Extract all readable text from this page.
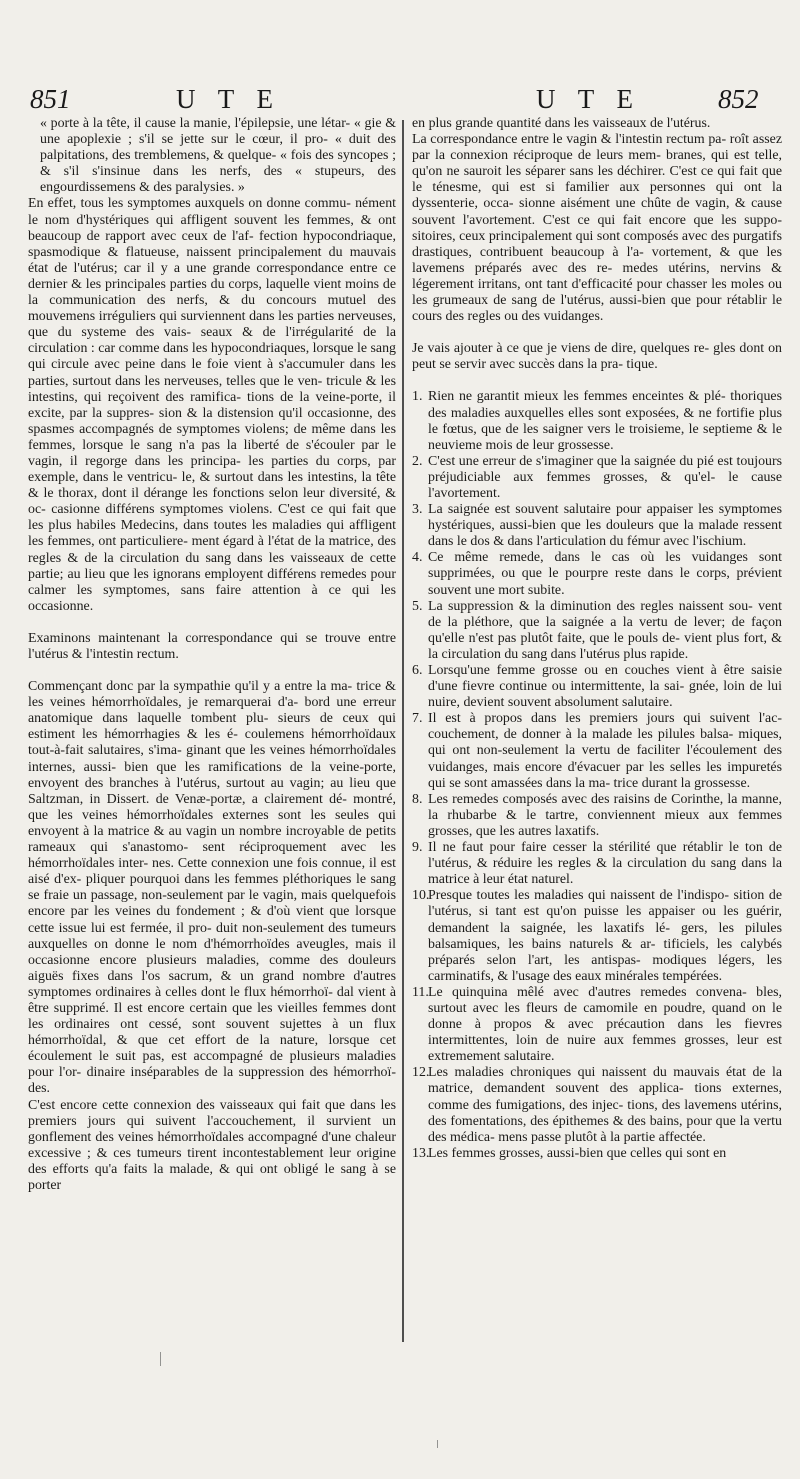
851	U T E	U T E	852

« porte à la tête, il cause la manie, l'épilepsie, une létar- « gie & une apoplexie ; s'il se jette sur le cœur, il pro- « duit des palpitations, des tremblemens, & quelque- « fois des syncopes ; & s'il s'insinue dans les nerfs, des « stupeurs, des engourdissemens & des paralysies. »

En effet, tous les symptomes auxquels on donne commu- nément le nom d'hystériques qui affligent souvent les femmes, & ont beaucoup de rapport avec ceux de l'af- fection hypocondriaque, spasmodique & flatueuse, naissent principalement du mauvais état de l'utérus; car il y a une grande correspondance entre ce dernier & les principales parties du corps, laquelle vient moins de la communication des nerfs, & du concours mutuel des mouvemens irréguliers qui surviennent dans les parties nerveuses, que du systeme des vais- seaux & de l'irrégularité de la circulation : car comme dans les hypocondriaques, lorsque le sang qui circule avec peine dans le foie vient à s'accumuler dans les parties, surtout dans les nerveuses, telles que le ven- tricule & les intestins, qui reçoivent des ramifica- tions de la veine-porte, il excite, par la suppres- sion & la distension qu'il occasionne, des spasmes accompagnés de symptomes violens; de même dans les femmes, lorsque le sang n'a pas la liberté de s'écouler par le vagin, il regorge dans les principa- les parties du corps, par exemple, dans le ventricu- le, & surtout dans les intestins, la tête & le thorax, dont il dérange les fonctions selon leur diversité, & oc- casionne différens symptomes violens. C'est ce qui fait que les plus habiles Medecins, dans toutes les maladies qui affligent les femmes, ont particuliere- ment égard à l'état de la matrice, des regles & de la circulation du sang dans les vaisseaux de cette partie; au lieu que les ignorans employent différens remedes pour calmer les symptomes, sans faire attention à ce qui les occasionne.

Examinons maintenant la correspondance qui se trouve entre l'utérus & l'intestin rectum.

Commençant donc par la sympathie qu'il y a entre la ma- trice & les veines hémorrhoïdales, je remarquerai d'a- bord une erreur anatomique dans laquelle tombent plu- sieurs de ceux qui estiment les hémorrhagies & les é- coulemens hémorrhoïdaux tout-à-fait salutaires, s'ima- ginant que les veines hémorrhoïdales internes, aussi- bien que les ramifications de la veine-porte, envoyent des branches à l'utérus, surtout au vagin; au lieu que Saltzman, in Dissert. de Venæ-portæ, a clairement dé- montré, que les veines hémorrhoïdales externes sont les seules qui envoyent à la matrice & au vagin un nombre incroyable de petits rameaux qui s'anastomo- sent réciproquement avec les hémorrhoïdales inter- nes. Cette connexion une fois connue, il est aisé d'ex- pliquer pourquoi dans les femmes pléthoriques le sang se fraie un passage, non-seulement par le vagin, mais quelquefois encore par les veines du fondement ; & d'où vient que lorsque cette issue lui est fermée, il pro- duit non-seulement des tumeurs auxquelles on donne le nom d'hémorrhoïdes aveugles, mais il occasionne encore plusieurs maladies, comme des douleurs aiguës fixes dans l'os sacrum, & un grand nombre d'autres symptomes ordinaires à celles dont le flux hémorrhoï- dal vient à être supprimé. Il est encore certain que les vieilles femmes dont les ordinaires ont cessé, sont souvent sujettes à un flux hémorrhoïdal, & que cet effort de la nature, lorsque cet écoulement le suit pas, est accompagné de plusieurs maladies pour l'or- dinaire inséparables de la suppression des hémorrhoï- des.

C'est encore cette connexion des vaisseaux qui fait que dans les premiers jours qui suivent l'accouchement, il survient un gonflement des veines hémorrhoïdales accompagné d'une chaleur excessive ; & ces tumeurs tirent incontestablement leur origine des efforts qu'a faits la malade, & qui ont obligé le sang à se porter

en plus grande quantité dans les vaisseaux de l'utérus.

La correspondance entre le vagin & l'intestin rectum pa- roît assez par la connexion réciproque de leurs mem- branes, qui est telle, qu'on ne sauroit les séparer sans les déchirer. C'est ce qui fait que le ténesme, qui est si familier aux personnes qui ont la dyssenterie, occa- sionne aisément une chûte de vagin, & cause souvent l'avortement. C'est ce qui fait encore que les suppo- sitoires, ceux principalement qui sont composés avec des purgatifs drastiques, contribuent beaucoup à l'a- vortement, & que les lavemens préparés avec des re- medes utérins, nervins & légerement irritans, ont tant d'efficacité pour chasser les moles ou les grumeaux de sang de l'utérus, aussi-bien que pour rétablir le cours des regles ou des vuidanges.

Je vais ajouter à ce que je viens de dire, quelques re- gles dont on peut se servir avec succès dans la pra- tique.

1. Rien ne garantit mieux les femmes enceintes & plé- thoriques des maladies auxquelles elles sont exposées, & ne fortifie plus le fœtus, que de les saigner vers le troisieme, le septieme & le neuvieme mois de leur grossesse.

2. C'est une erreur de s'imaginer que la saignée du pié est toujours préjudiciable aux femmes grosses, & qu'el- le cause l'avortement.

3. La saignée est souvent salutaire pour appaiser les symptomes hystériques, aussi-bien que les douleurs que la malade ressent dans le dos & dans l'articulation du fémur avec l'ischium.

4. Ce même remede, dans le cas où les vuidanges sont supprimées, ou que le pourpre reste dans le corps, prévient souvent une mort subite.

5. La suppression & la diminution des regles naissent sou- vent de la pléthore, que la saignée a la vertu de lever; de façon qu'elle n'est pas plutôt faite, que le pouls de- vient plus fort, & la circulation du sang dans l'utérus plus rapide.

6. Lorsqu'une femme grosse ou en couches vient à être saisie d'une fievre continue ou intermittente, la sai- gnée, loin de lui nuire, devient souvent absolument salutaire.

7. Il est à propos dans les premiers jours qui suivent l'ac- couchement, de donner à la malade les pilules balsa- miques, qui ont non-seulement la vertu de faciliter l'écoulement des vuidanges, mais encore d'évacuer par les selles les impuretés qui se sont amassées dans la ma- trice durant la grossesse.

8. Les remedes composés avec des raisins de Corinthe, la manne, la rhubarbe & le tartre, conviennent mieux aux femmes grosses, que les autres laxatifs.

9. Il ne faut pour faire cesser la stérilité que rétablir le ton de l'utérus, & réduire les regles & la circulation du sang dans la matrice à leur état naturel.

10.Presque toutes les maladies qui naissent de l'indispo- sition de l'utérus, si tant est qu'on puisse les appaiser ou les guérir, demandent la saignée, les laxatifs lé- gers, les pilules balsamiques, les bains naturels & ar- tificiels, les calybés préparés selon l'art, les antispas- modiques légers, les carminatifs, & l'usage des eaux minérales tempérées.

11.Le quinquina mêlé avec d'autres remedes convena- bles, surtout avec les fleurs de camomile en poudre, quand on le donne à propos & avec précaution dans les fievres intermittentes, loin de nuire aux femmes grosses, leur est extremement salutaire.

12.Les maladies chroniques qui naissent du mauvais état de la matrice, demandent souvent des applica- tions externes, comme des fumigations, des injec- tions, des lavemens utérins, des fomentations, des épithemes & des bains, pour que la vertu des médica- mens passe plutôt à la partie affectée.

13.Les femmes grosses, aussi-bien que celles qui sont en
